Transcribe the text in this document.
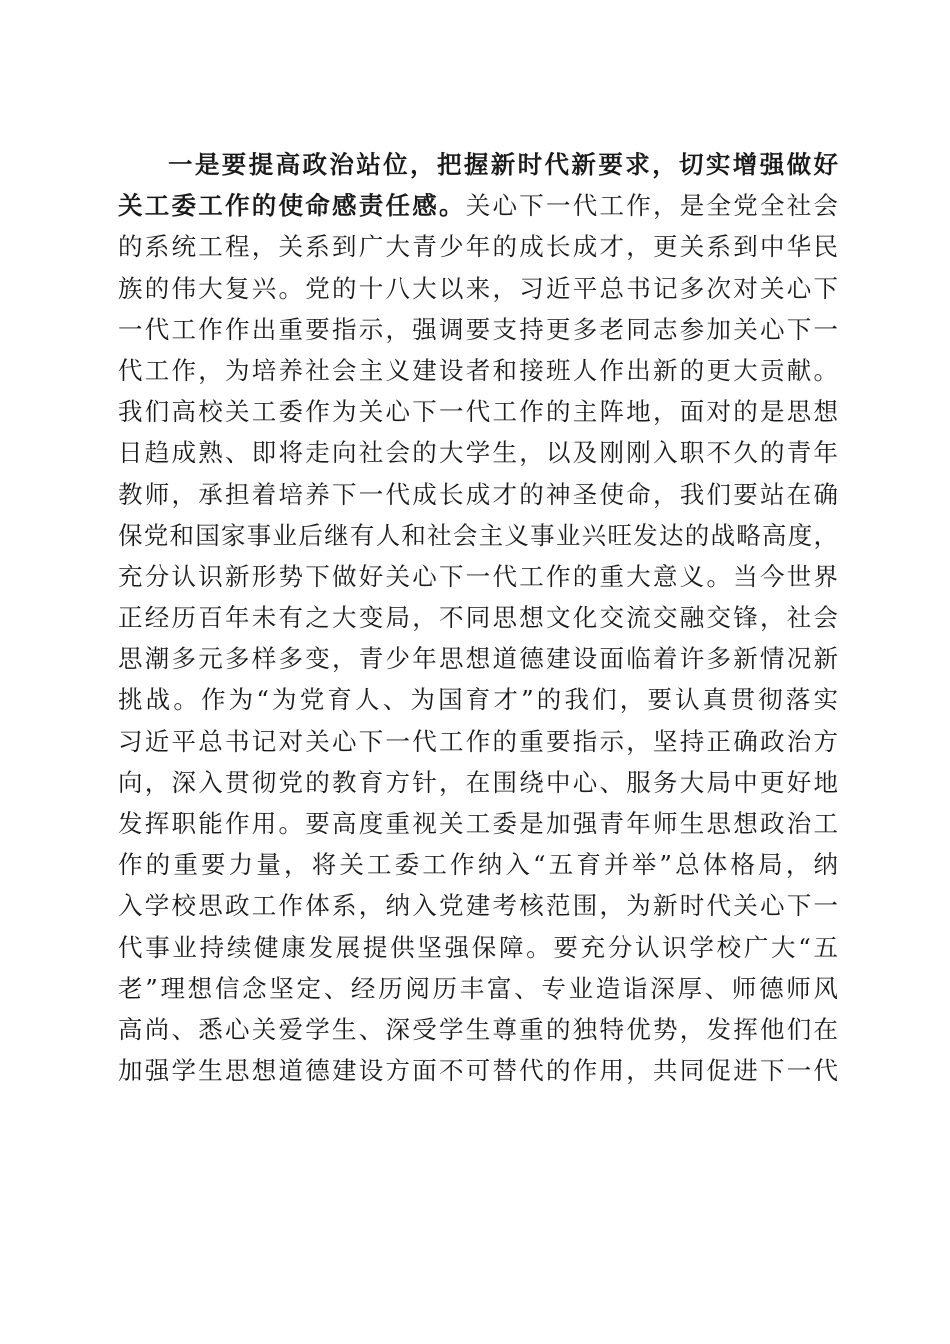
一是要提高政治站位，把握新时代新要求，切实增强做好
关工委工作的使命感责任感。关心下一代工作，是全党全社会
的系统工程，关系到广大青少年的成长成才，更关系到中华民
族的伟大复兴。党的十八大以来，习近平总书记多次对关心下
一代工作作出重要指示，强调要支持更多老同志参加关心下一
代工作，为培养社会主义建设者和接班人作出新的更大贡献。
我们高校关工委作为关心下一代工作的主阵地，面对的是思想
日趋成熟、即将走向社会的大学生，以及刚刚入职不久的青年
教师，承担着培养下一代成长成才的神圣使命，我们要站在确
保党和国家事业后继有人和社会主义事业兴旺发达的战略高度，
充分认识新形势下做好关心下一代工作的重大意义。当今世界
正经历百年未有之大变局，不同思想文化交流交融交锋，社会
思潮多元多样多变，青少年思想道德建设面临着许多新情况新
挑战。作为“为党育人、为国育才”的我们，要认真贯彻落实
习近平总书记对关心下一代工作的重要指示，坚持正确政治方
向，深入贯彻党的教育方针，在围绕中心、服务大局中更好地
发挥职能作用。要高度重视关工委是加强青年师生思想政治工
作的重要力量，将关工委工作纳入“五育并举”总体格局，纳
入学校思政工作体系，纳入党建考核范围，为新时代关心下一
代事业持续健康发展提供坚强保障。要充分认识学校广大“五
老”理想信念坚定、经历阅历丰富、专业造诣深厚、师德师风
高尚、悉心关爱学生、深受学生尊重的独特优势，发挥他们在
加强学生思想道德建设方面不可替代的作用，共同促进下一代
